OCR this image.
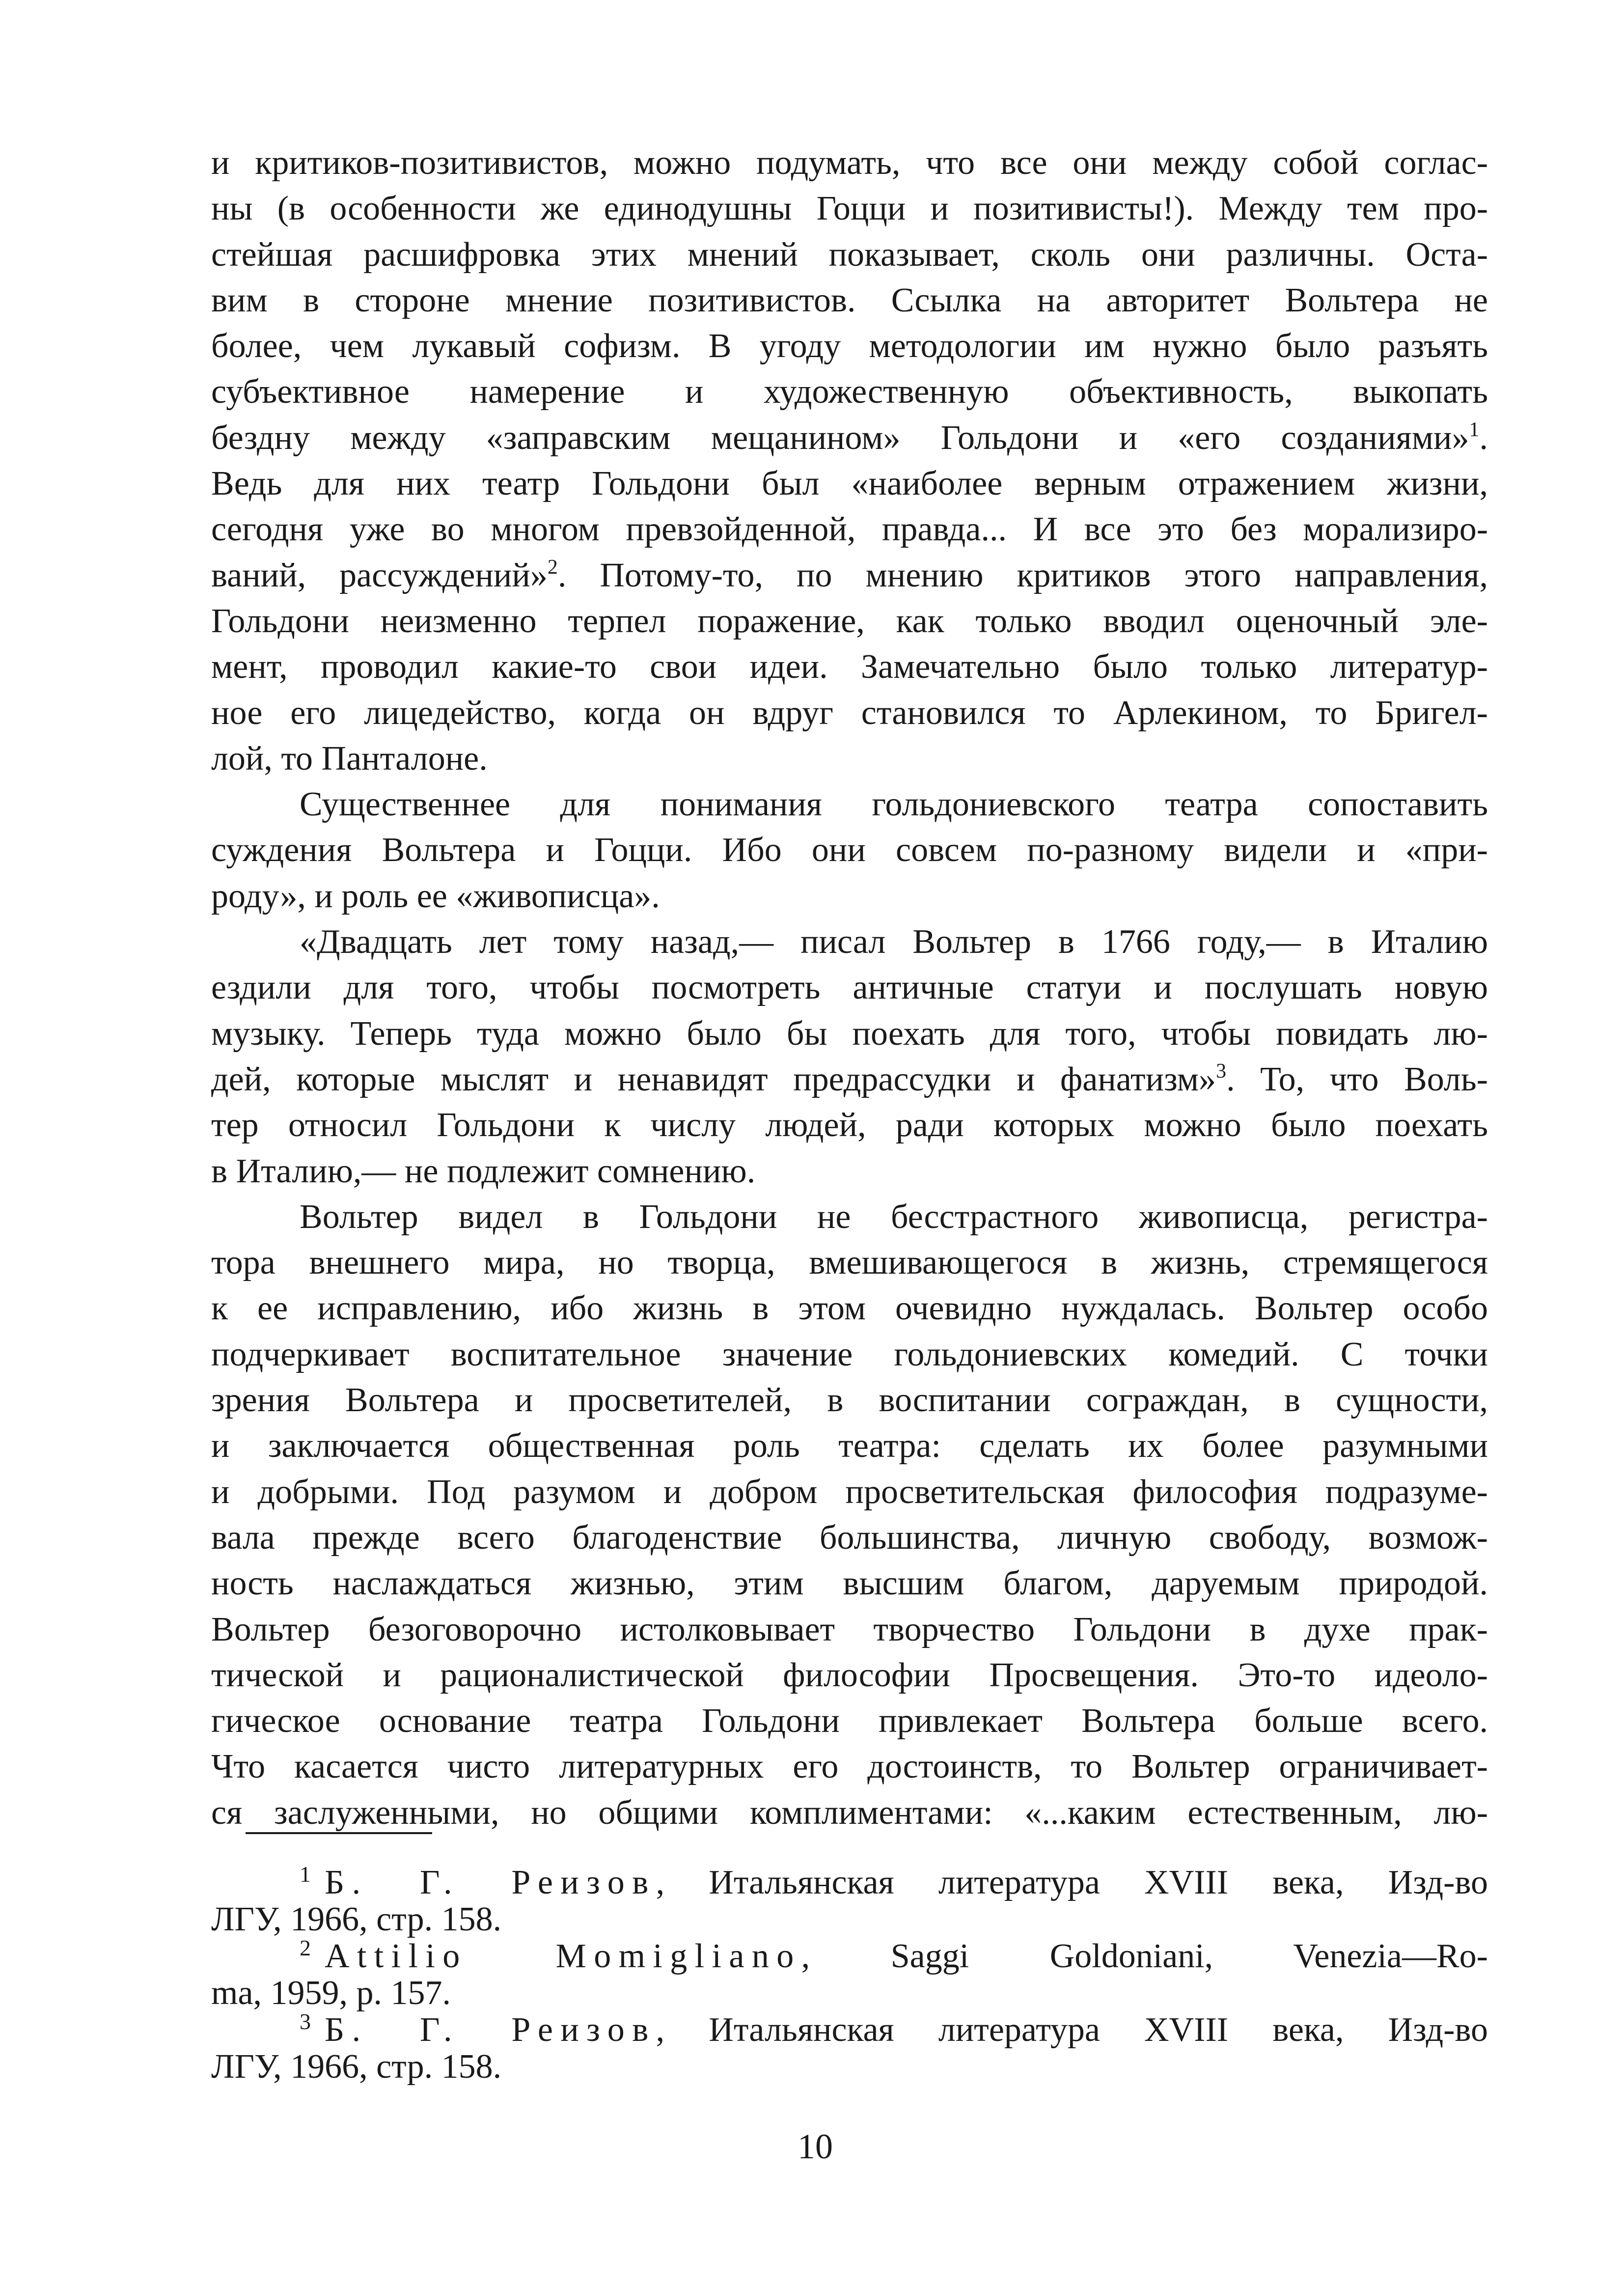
и критиков-позитивистов, можно подумать, что все они между собой соглас-
ны (в особенности же единодушны Гоцци и позитивисты!). Между тем про-
стейшая расшифровка этих мнений показывает, сколь они различны. Оста-
вим в стороне мнение позитивистов. Ссылка на авторитет Вольтера не
более, чем лукавый софизм. В угоду методологии им нужно было разъять
субъективное намерение и художественную объективность, выкопать
бездну между «заправским мещанином» Гольдони и «его созданиями»$^1$.
Ведь для них театр Гольдони был «наиболее верным отражением жизни,
сегодня уже во многом превзойденной, правда... И все это без морализиро-
ваний, рассуждений»$^2$. Потому-то, по мнению критиков этого направления,
Гольдони неизменно терпел поражение, как только вводил оценочный эле-
мент, проводил какие-то свои идеи. Замечательно было только литератур-
ное его лицедейство, когда он вдруг становился то Арлекином, то Бригел-
лой, то Панталоне.
Существеннее для понимания гольдониевского театра сопоставить
суждения Вольтера и Гоцци. Ибо они совсем по-разному видели и «при-
роду», и роль ее «живописца».
«Двадцать лет тому назад,— писал Вольтер в 1766 году,— в Италию
ездили для того, чтобы посмотреть античные статуи и послушать новую
музыку. Теперь туда можно было бы поехать для того, чтобы повидать лю-
дей, которые мыслят и ненавидят предрассудки и фанатизм»$^3$. То, что Воль-
тер относил Гольдони к числу людей, ради которых можно было поехать
в Италию,— не подлежит сомнению.
Вольтер видел в Гольдони не бесстрастного живописца, регистра-
тора внешнего мира, но творца, вмешивающегося в жизнь, стремящегося
к ее исправлению, ибо жизнь в этом очевидно нуждалась. Вольтер особо
подчеркивает воспитательное значение гольдониевских комедий. С точки
зрения Вольтера и просветителей, в воспитании сограждан, в сущности,
и заключается общественная роль театра: сделать их более разумными
и добрыми. Под разумом и добром просветительская философия подразуме-
вала прежде всего благоденствие большинства, личную свободу, возмож-
ность наслаждаться жизнью, этим высшим благом, даруемым природой.
Вольтер безоговорочно истолковывает творчество Гольдони в духе прак-
тической и рационалистической философии Просвещения. Это-то идеоло-
гическое основание театра Гольдони привлекает Вольтера больше всего.
Что касается чисто литературных его достоинств, то Вольтер ограничивает-
ся заслуженными, но общими комплиментами: «...каким естественным, лю-
$^1$ Б. Г. Реизов, Итальянская литература XVIII века, Изд-во
ЛГУ, 1966, стр. 158.
$^2$ Attilio Momigliano, Saggi Goldoniani, Venezia—Ro-
ma, 1959, p. 157.
$^3$ Б. Г. Реизов, Итальянская литература XVIII века, Изд-во
ЛГУ, 1966, стр. 158.
10
